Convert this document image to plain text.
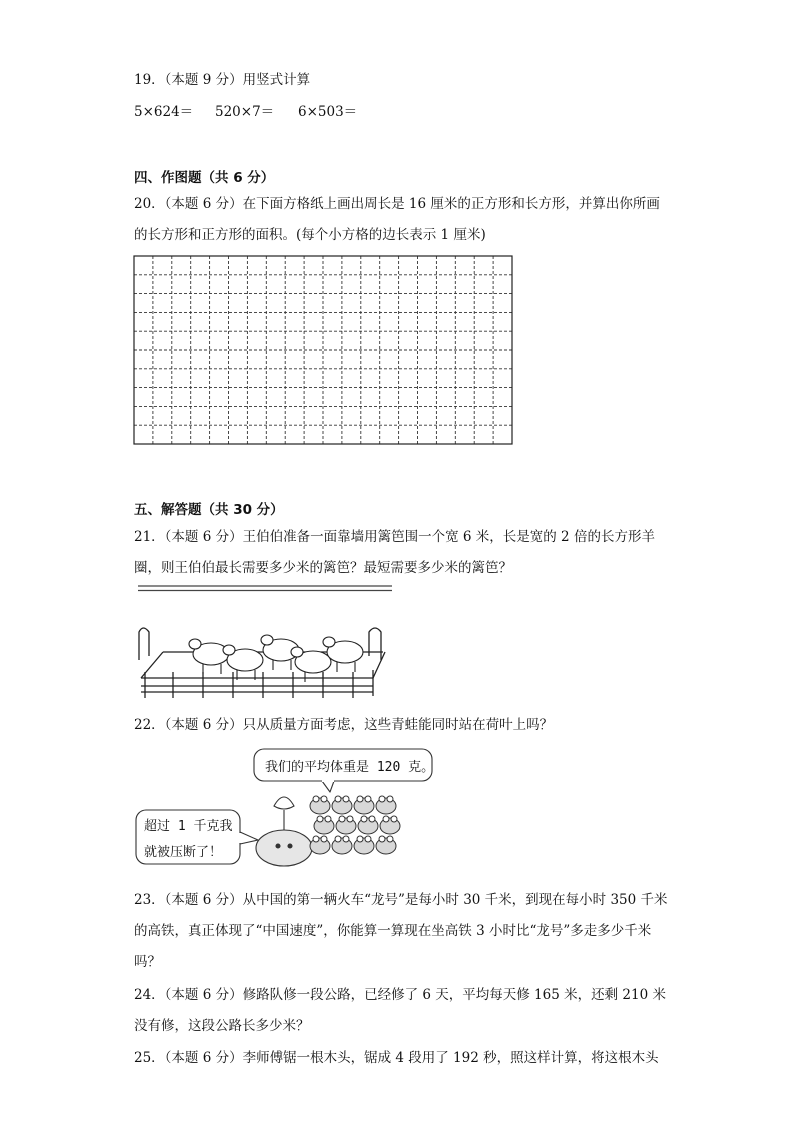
19．（本题 9 分）用竖式计算
5×624＝ 520×7＝ 6×503＝
四、作图题（共 6 分）
20．（本题 6 分）在下面方格纸上画出周长是 16 厘米的正方形和长方形，并算出你所画
的长方形和正方形的面积。(每个小方格的边长表示 1 厘米)
五、解答题（共 30 分）
21．（本题 6 分）王伯伯准备一面靠墙用篱笆围一个宽 6 米，长是宽的 2 倍的长方形羊
圈，则王伯伯最长需要多少米的篱笆？最短需要多少米的篱笆？
22．（本题 6 分）只从质量方面考虑，这些青蛙能同时站在荷叶上吗？
我们的平均体重是 120 克。
超过 1 千克我
就被压断了！
23．（本题 6 分）从中国的第一辆火车“龙号”是每小时 30 千米，到现在每小时 350 千米
的高铁，真正体现了“中国速度”，你能算一算现在坐高铁 3 小时比“龙号”多走多少千米
吗？
24．（本题 6 分）修路队修一段公路，已经修了 6 天，平均每天修 165 米，还剩 210 米
没有修，这段公路长多少米？
25．（本题 6 分）李师傅锯一根木头，锯成 4 段用了 192 秒，照这样计算，将这根木头
